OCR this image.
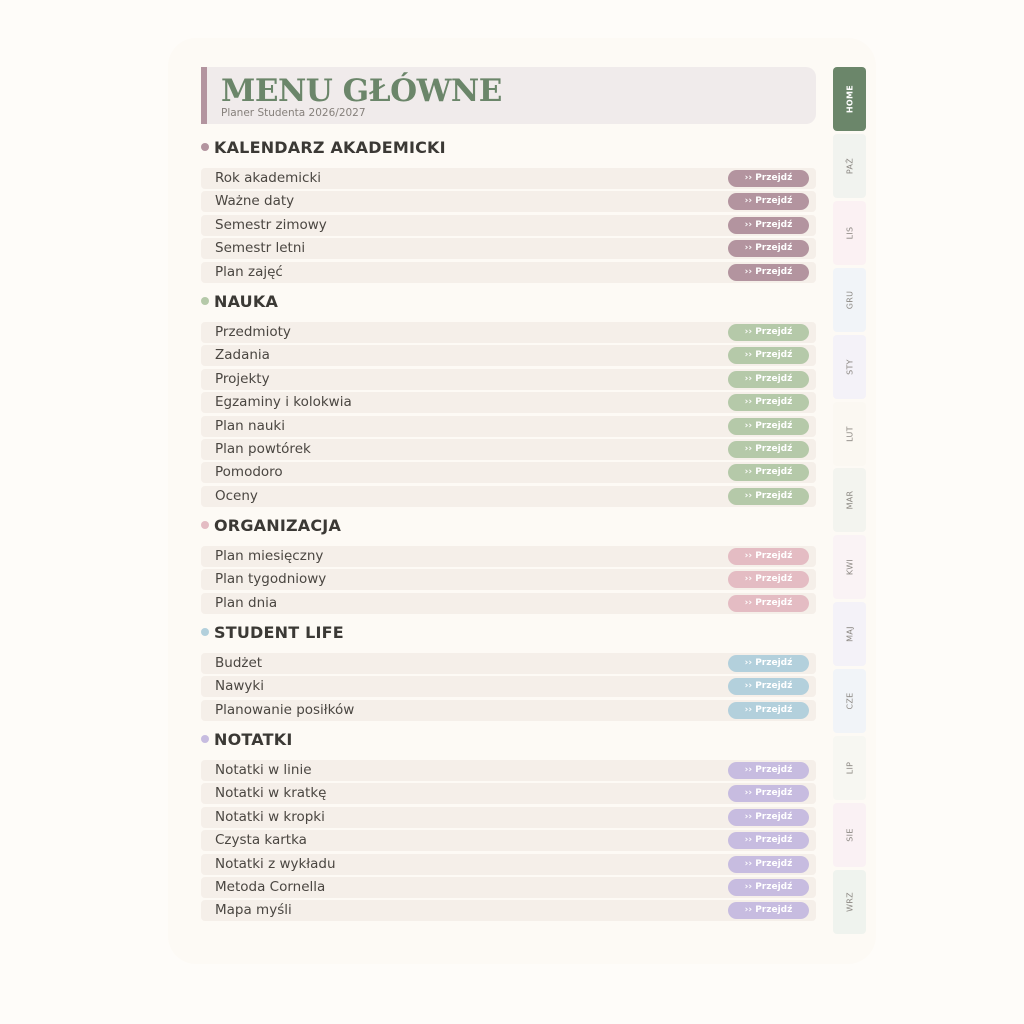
MENU GŁÓWNE
Planer Studenta 2026/2027
KALENDARZ AKADEMICKI
Rok akademicki	›› Przejdź
Ważne daty	›› Przejdź
Semestr zimowy	›› Przejdź
Semestr letni	›› Przejdź
Plan zajęć	›› Przejdź
NAUKA
Przedmioty	›› Przejdź
Zadania	›› Przejdź
Projekty	›› Przejdź
Egzaminy i kolokwia	›› Przejdź
Plan nauki	›› Przejdź
Plan powtórek	›› Przejdź
Pomodoro	›› Przejdź
Oceny	›› Przejdź
ORGANIZACJA
Plan miesięczny	›› Przejdź
Plan tygodniowy	›› Przejdź
Plan dnia	›› Przejdź
STUDENT LIFE
Budżet	›› Przejdź
Nawyki	›› Przejdź
Planowanie posiłków	›› Przejdź
NOTATKI
Notatki w linie	›› Przejdź
Notatki w kratkę	›› Przejdź
Notatki w kropki	›› Przejdź
Czysta kartka	›› Przejdź
Notatki z wykładu	›› Przejdź
Metoda Cornella	›› Przejdź
Mapa myśli	›› Przejdź
HOME
PAŹ
LIS
GRU
STY
LUT
MAR
KWI
MAJ
CZE
LIP
SIE
WRZ
